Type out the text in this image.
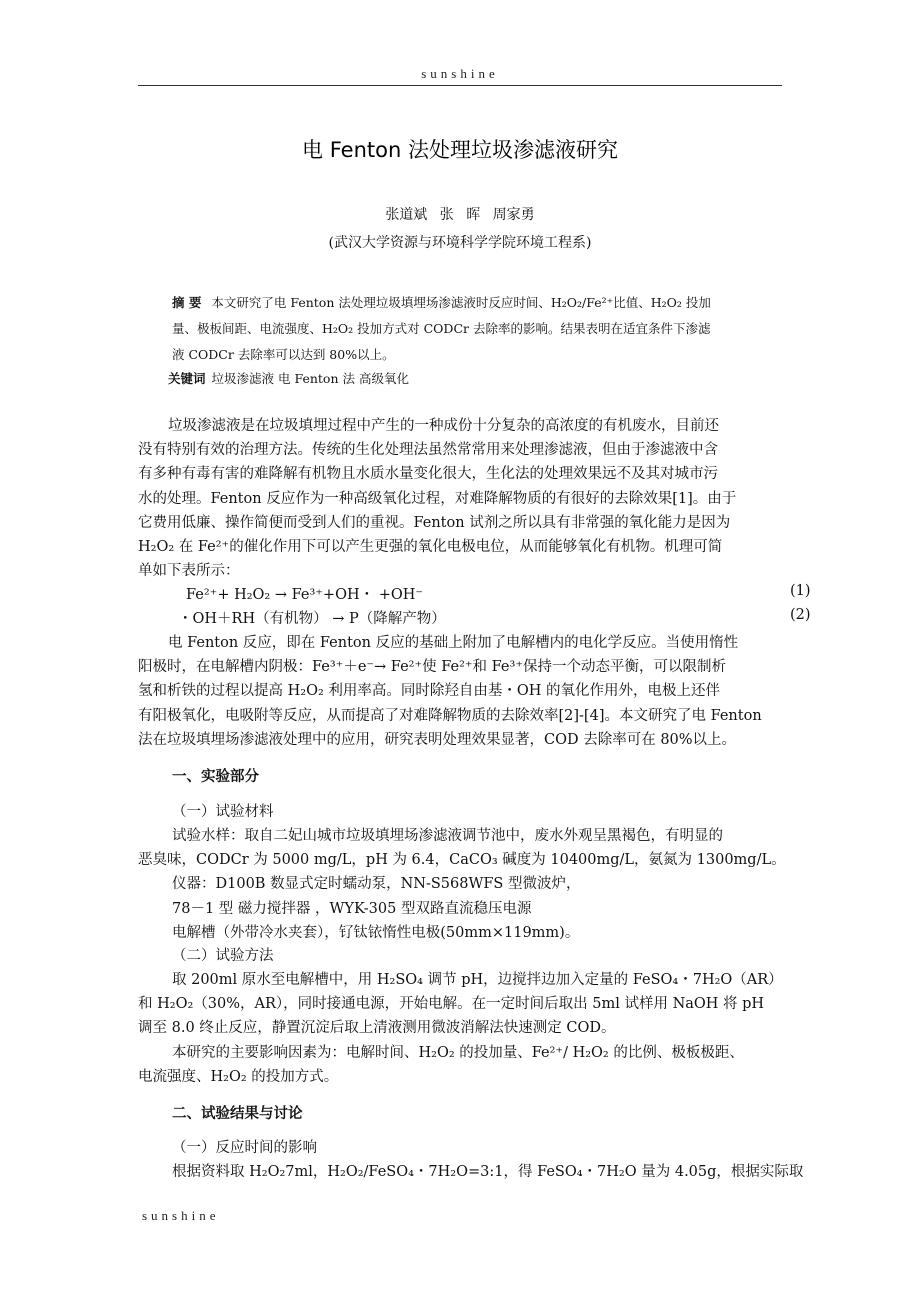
sunshine
电 Fenton 法处理垃圾渗滤液研究
张道斌 张 晖 周家勇
(武汉大学资源与环境科学学院环境工程系)
摘 要 本文研究了电 Fenton 法处理垃圾填埋场渗滤液时反应时间、H₂O₂/Fe²⁺比值、H₂O₂ 投加
量、极板间距、电流强度、H₂O₂ 投加方式对 CODCr 去除率的影响。结果表明在适宜条件下渗滤
液 CODCr 去除率可以达到 80%以上。
关键词 垃圾渗滤液 电 Fenton 法 高级氧化
垃圾渗滤液是在垃圾填埋过程中产生的一种成份十分复杂的高浓度的有机废水，目前还
没有特别有效的治理方法。传统的生化处理法虽然常常用来处理渗滤液，但由于渗滤液中含
有多种有毒有害的难降解有机物且水质水量变化很大，生化法的处理效果远不及其对城市污
水的处理。Fenton 反应作为一种高级氧化过程，对难降解物质的有很好的去除效果[1]。由于
它费用低廉、操作简便而受到人们的重视。Fenton 试剂之所以具有非常强的氧化能力是因为
H₂O₂ 在 Fe²⁺的催化作用下可以产生更强的氧化电极电位，从而能够氧化有机物。机理可简
单如下表所示：
Fe²⁺+ H₂O₂ → Fe³⁺+OH・ +OH⁻	(1)
・OH＋RH（有机物） → P（降解产物）	(2)
电 Fenton 反应，即在 Fenton 反应的基础上附加了电解槽内的电化学反应。当使用惰性
阳极时，在电解槽内阴极：Fe³⁺＋e⁻→ Fe²⁺使 Fe²⁺和 Fe³⁺保持一个动态平衡，可以限制析
氢和析铁的过程以提高 H₂O₂ 利用率高。同时除羟自由基・OH 的氧化作用外，电极上还伴
有阳极氧化，电吸附等反应，从而提高了对难降解物质的去除效率[2]-[4]。本文研究了电 Fenton
法在垃圾填埋场渗滤液处理中的应用，研究表明处理效果显著，COD 去除率可在 80%以上。
一、实验部分
（一）试验材料
试验水样：取自二妃山城市垃圾填埋场渗滤液调节池中，废水外观呈黑褐色，有明显的
恶臭味，CODCr 为 5000 mg/L，pH 为 6.4，CaCO₃ 碱度为 10400mg/L，氨氮为 1300mg/L。
仪器：D100B 数显式定时蠕动泵，NN-S568WFS 型微波炉，
78－1 型 磁力搅拌器 ，WYK-305 型双路直流稳压电源
电解槽（外带冷水夹套），钌钛铱惰性电极(50mm×119mm)。
（二）试验方法
取 200ml 原水至电解槽中，用 H₂SO₄ 调节 pH，边搅拌边加入定量的 FeSO₄・7H₂O（AR）
和 H₂O₂（30%，AR），同时接通电源，开始电解。在一定时间后取出 5ml 试样用 NaOH 将 pH
调至 8.0 终止反应，静置沉淀后取上清液测用微波消解法快速测定 COD。
本研究的主要影响因素为：电解时间、H₂O₂ 的投加量、Fe²⁺/ H₂O₂ 的比例、极板极距、
电流强度、H₂O₂ 的投加方式。
二、试验结果与讨论
（一）反应时间的影响
根据资料取 H₂O₂7ml，H₂O₂/FeSO₄・7H₂O=3:1，得 FeSO₄・7H₂O 量为 4.05g，根据实际取
sunshine
